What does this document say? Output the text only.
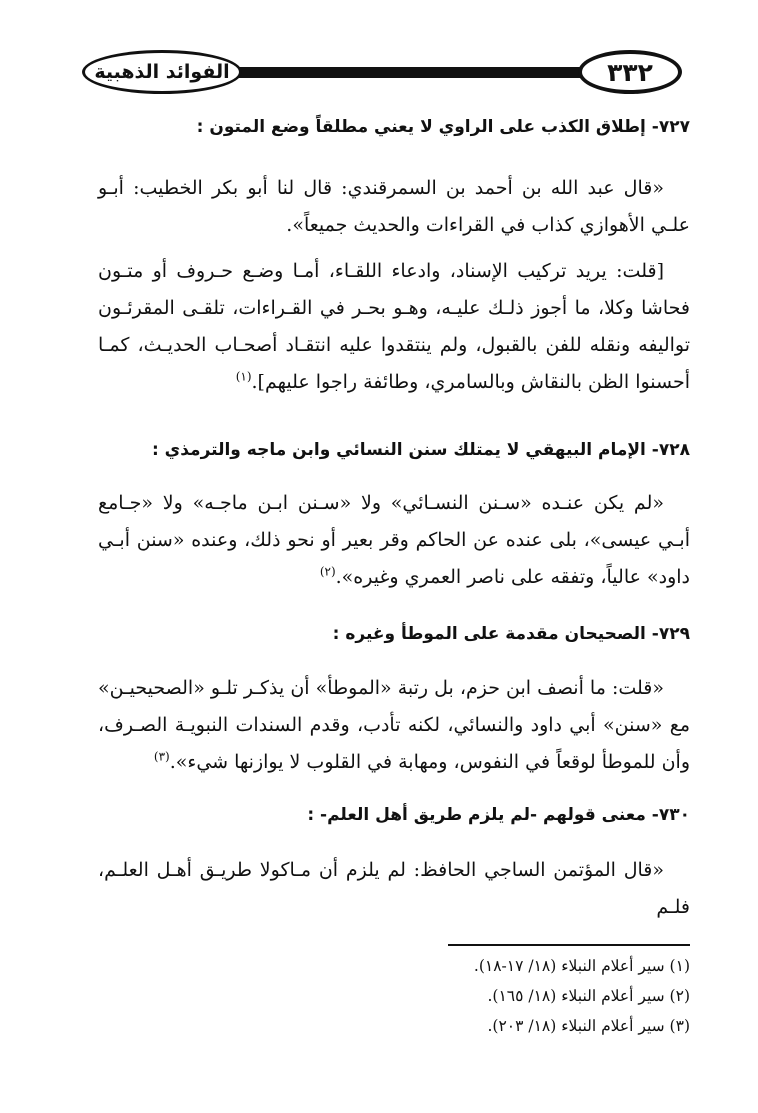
الفوائد الذهبية	٣٣٢
٧٢٧- إطلاق الكذب على الراوي لا يعني مطلقاً وضع المتون :
«قال عبد الله بن أحمد بن السمرقندي: قال لنا أبو بكر الخطيب: أبـو علـي الأهوازي كذاب في القراءات والحديث جميعاً».
[قلت: يريد تركيب الإسناد، وادعاء اللقـاء، أمـا وضـع حـروف أو متـون فحاشا وكلا، ما أجوز ذلـك عليـه، وهـو بحـر في القـراءات، تلقـى المقرئـون تواليفه ونقله للفن بالقبول، ولم ينتقدوا عليه انتقـاد أصحـاب الحديـث، كمـا أحسنوا الظن بالنقاش وبالسامري، وطائفة راجوا عليهم].$^{(١)}$
٧٢٨- الإمام البيهقي لا يمتلك سنن النسائي وابن ماجه والترمذي :
«لم يكن عنـده «سـنن النسـائي» ولا «سـنن ابـن ماجـه» ولا «جـامع أبـي عيسى»، بلى عنده عن الحاكم وقر بعير أو نحو ذلك، وعنده «سنن أبـي داود» عالياً، وتفقه على ناصر العمري وغيره».$^{(٢)}$
٧٢٩- الصحيحان مقدمة على الموطأ وغيره :
«قلت: ما أنصف ابن حزم، بل رتبة «الموطأ» أن يذكـر تلـو «الصحيحيـن» مع «سنن» أبي داود والنسائي، لكنه تأدب، وقدم السندات النبويـة الصـرف، وأن للموطأ لوقعاً في النفوس، ومهابة في القلوب لا يوازنها شيء».$^{(٣)}$
٧٣٠- معنى قولهم -لم يلزم طريق أهل العلم- :
«قال المؤتمن الساجي الحافظ: لم يلزم أن مـاكولا طريـق أهـل العلـم، فلـم
(١) سير أعلام النبلاء (١٨/ ١٧-١٨).
(٢) سير أعلام النبلاء (١٨/ ١٦٥).
(٣) سير أعلام النبلاء (١٨/ ٢٠٣).
